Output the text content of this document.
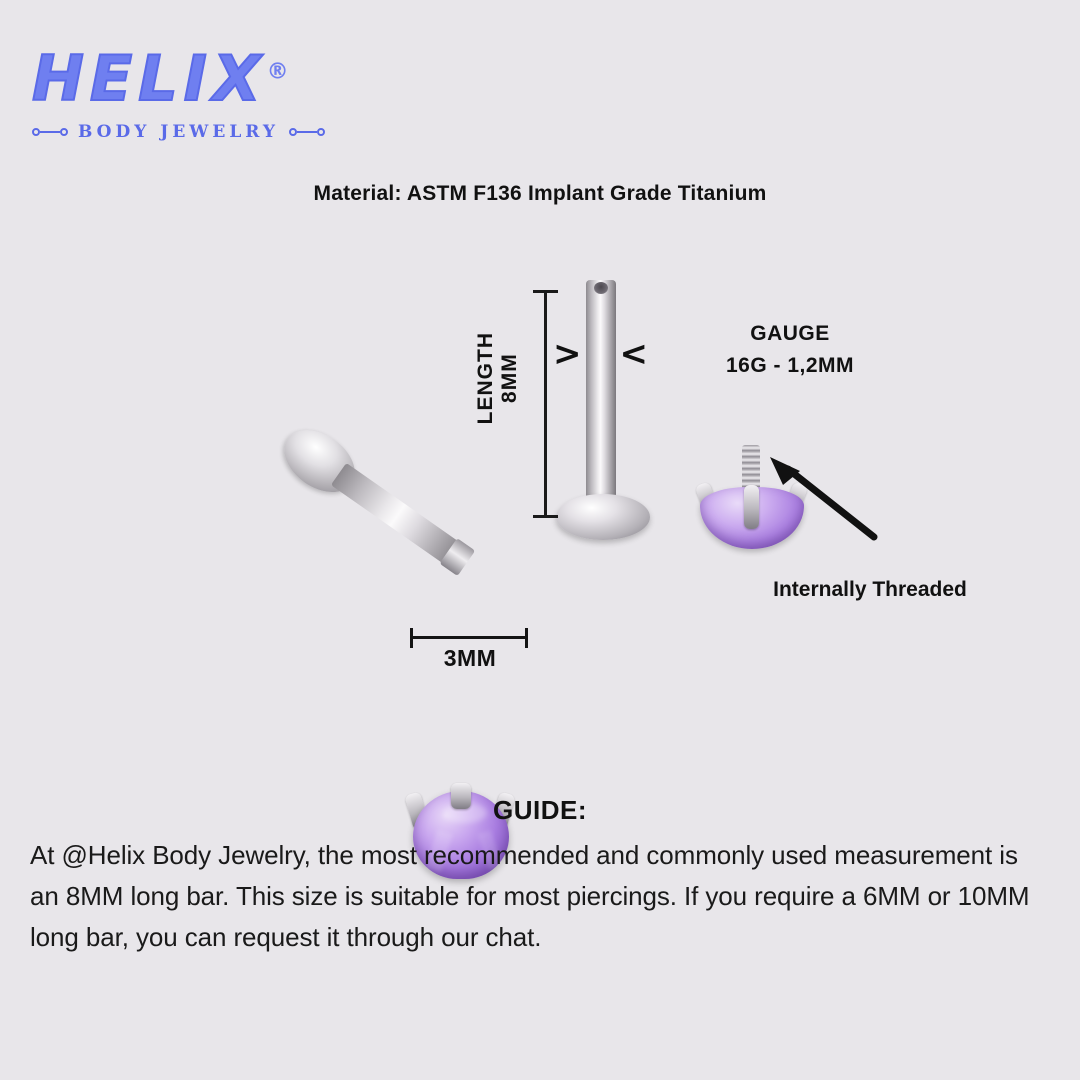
HELIX®
BODY JEWELRY
Material: ASTM F136 Implant Grade Titanium
LENGTH 8MM ><
GAUGE
16G - 1,2MM
3MM
Internally Threaded
GUIDE:
At @Helix Body Jewelry, the most recommended and commonly used measurement is an 8MM long bar. This size is suitable for most piercings. If you require a 6MM or 10MM long bar, you can request it through our chat.
